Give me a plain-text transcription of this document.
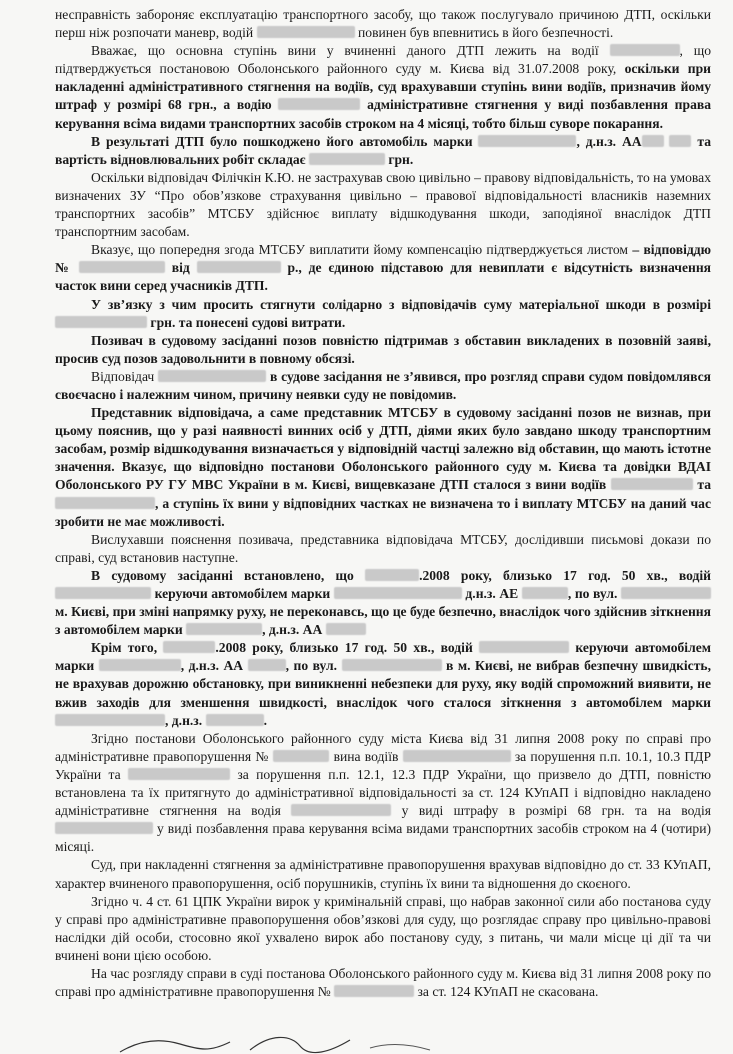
несправність забороняє експлуатацію транспортного засобу, що також послугувало причиною ДТП, оскільки перш ніж розпочати маневр, водій	повинен був впевнитись в його безпечності.

Вважає, що основна ступінь вини у вчиненні даного ДТП лежить на водії	, що підтверджується постановою Оболонського районного суду м. Києва від 31.07.2008 року, оскільки при накладенні адміністративного стягнення на водіїв, суд врахувавши ступінь вини водіїв, призначив йому штраф у розмірі 68 грн., а водію	адміністративне стягнення у виді позбавлення права керування всіма видами транспортних засобів строком на 4 місяці, тобто більш суворе покарання.

В результаті ДТП було пошкоджено його автомобіль марки	, д.н.з. АА	та вартість відновлювальних робіт складає	грн.

Оскільки відповідач Філічкін К.Ю. не застрахував свою цивільно – правову відповідальність, то на умовах визначених ЗУ “Про обов’язкове страхування цивільно – правової відповідальності власників наземних транспортних засобів” МТСБУ здійснює виплату відшкодування шкоди, заподіяної внаслідок ДТП транспортним засобам.

Вказує, що попередня згода МТСБУ виплатити йому компенсацію підтверджується листом – відповіддю №	від	р., де єдиною підставою для невиплати є відсутність визначення часток вини серед учасників ДТП.

У зв’язку з чим просить стягнути солідарно з відповідачів суму матеріальної шкоди в розмірі  грн. та понесені судові витрати.

Позивач в судовому засіданні позов повністю підтримав з обставин викладених в позовній заяві, просив суд позов задовольнити в повному обсязі.

Відповідач	в судове засідання не з’явився, про розгляд справи судом повідомлявся своєчасно і належним чином, причину неявки суду не повідомив.

Представник відповідача, а саме представник МТСБУ в судовому засіданні позов не визнав, при цьому пояснив, що у разі наявності винних осіб у ДТП, діями яких було завдано шкоду транспортним засобам, розмір відшкодування визначається у відповідній частці залежно від обставин, що мають істотне значення. Вказує, що відповідно постанови Оболонського районного суду м. Києва та довідки ВДАІ Оболонського РУ ГУ МВС України в м. Києві, вищевказане ДТП сталося з вини водіїв	та , а ступінь їх вини у відповідних частках не визначена то і виплату МТСБУ на даний час зробити не має можливості.

Вислухавши пояснення позивача, представника відповідача МТСБУ, дослідивши письмові докази по справі, суд встановив наступне.

В судовому засіданні встановлено, що	.2008 року, близько 17 год. 50 хв., водій  керуючи автомобілем марки	д.н.з. АЕ	, по вул.  м. Києві, при зміні напрямку руху, не переконавсь, що це буде безпечно, внаслідок чого здійснив зіткнення з автомобілем марки	, д.н.з. АА

Крім того,	.2008 року, близько 17 год. 50 хв., водій	керуючи автомобілем марки	, д.н.з. АА	, по вул.	в м. Києві, не вибрав безпечну швидкість, не врахував дорожню обстановку, при виникненні небезпеки для руху, яку водій спроможний виявити, не вжив заходів для зменшення швидкості, внаслідок чого сталося зіткнення з автомобілем марки , д.н.з.	.

Згідно постанови Оболонського районного суду міста Києва від 31 липня 2008 року по справі про адміністративне правопорушення №	вина водіїв	за порушення п.п. 10.1, 10.3 ПДР України та	за порушення п.п. 12.1, 12.3 ПДР України, що призвело до ДТП, повністю встановлена та їх притягнуто до адміністративної відповідальності за ст. 124 КУпАП і відповідно накладено адміністративне стягнення на водія	у виді штрафу в розмірі 68 грн. та на водія  у виді позбавлення права керування всіма видами транспортних засобів строком на 4 (чотири) місяці.

Суд, при накладенні стягнення за адміністративне правопорушення врахував відповідно до ст. 33 КУпАП, характер вчиненого правопорушення, осіб порушників, ступінь їх вини та відношення до скоєного.

Згідно ч. 4 ст. 61 ЦПК України вирок у кримінальній справі, що набрав законної сили або постанова суду у справі про адміністративне правопорушення обов’язкові для суду, що розглядає справу про цивільно-правові наслідки дій особи, стосовно якої ухвалено вирок або постанову суду, з питань, чи мали місце ці дії та чи вчинені вони цією особою.

На час розгляду справи в суді постанова Оболонського районного суду м. Києва від 31 липня 2008 року по справі про адміністративне правопорушення №	за ст. 124 КУпАП не скасована.
